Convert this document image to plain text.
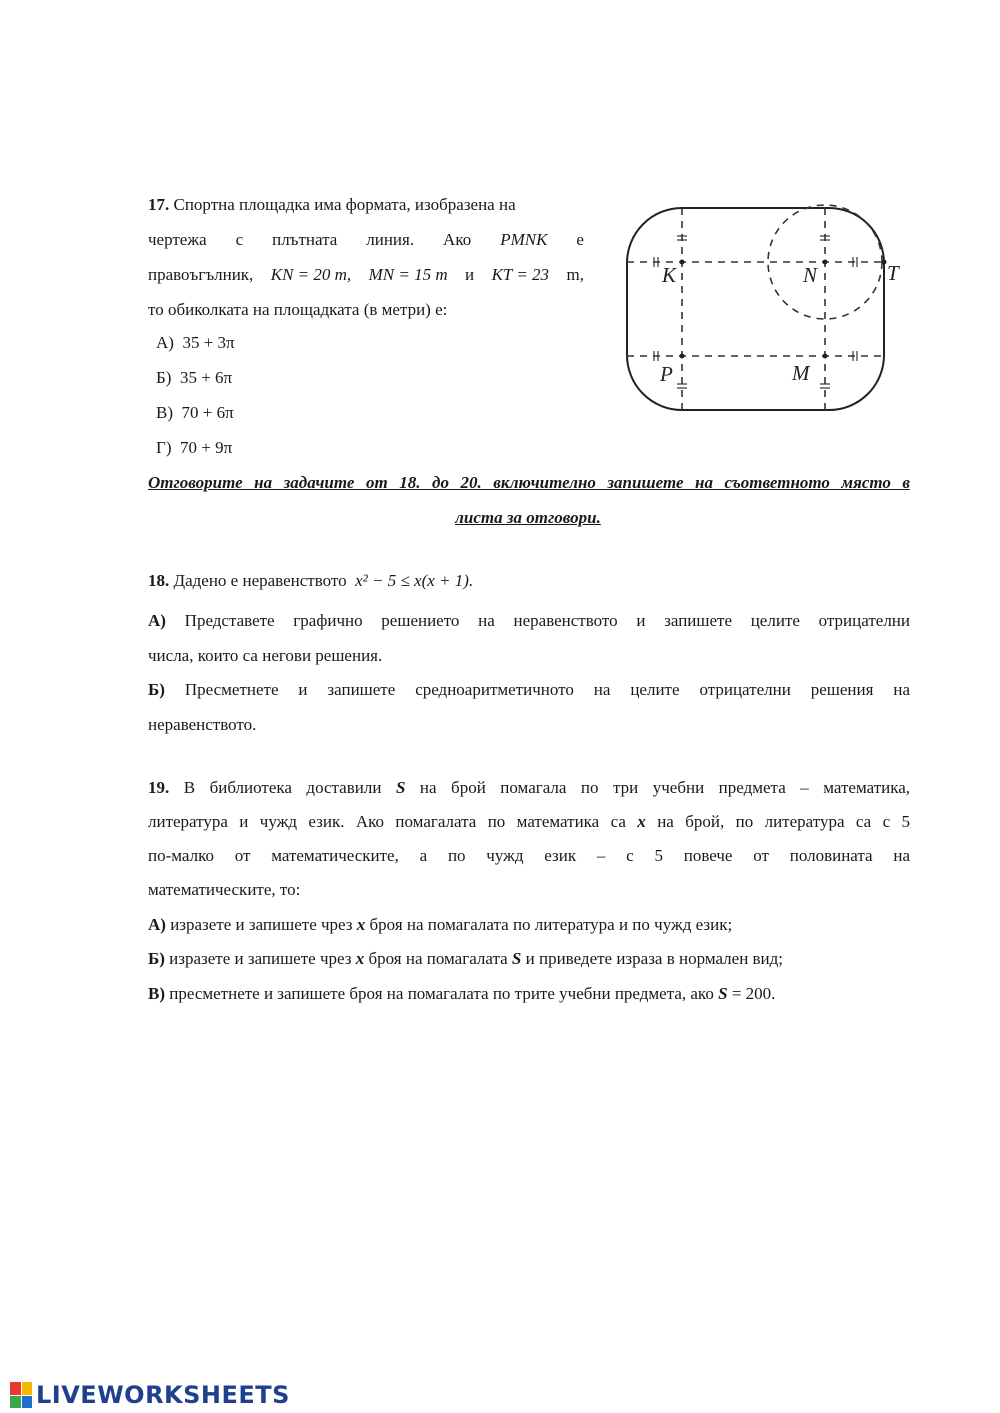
17. Спортна площадка има формата, изобразена на
чертежа с плътната линия. Ако PMNK е
правоъгълник, KN = 20 m, MN = 15 m и KT = 23 m,
то обиколката на площадката (в метри) е:
А) 35 + 3π
Б) 35 + 6π
В) 70 + 6π
Г) 70 + 9π
K	N	T
P	M
Отговорите на задачите от 18. до 20. включително запишете на съответното място в
листа за отговори.
18. Дадено е неравенството x² − 5 ≤ x(x + 1).
А) Представете графично решението на неравенството и запишете целите отрицателни
числа, които са негови решения.
Б) Пресметнете и запишете средноаритметичното на целите отрицателни решения на
неравенството.
19. В библиотека доставили S на брой помагала по три учебни предмета – математика,
литература и чужд език. Ако помагалата по математика са x на брой, по литература са с 5
по-малко от математическите, а по чужд език – с 5 повече от половината на
математическите, то:
А) изразете и запишете чрез x броя на помагалата по литература и по чужд език;
Б) изразете и запишете чрез x броя на помагалата S и приведете израза в нормален вид;
В) пресметнете и запишете броя на помагалата по трите учебни предмета, ако S = 200.
LIVEWORKSHEETS
